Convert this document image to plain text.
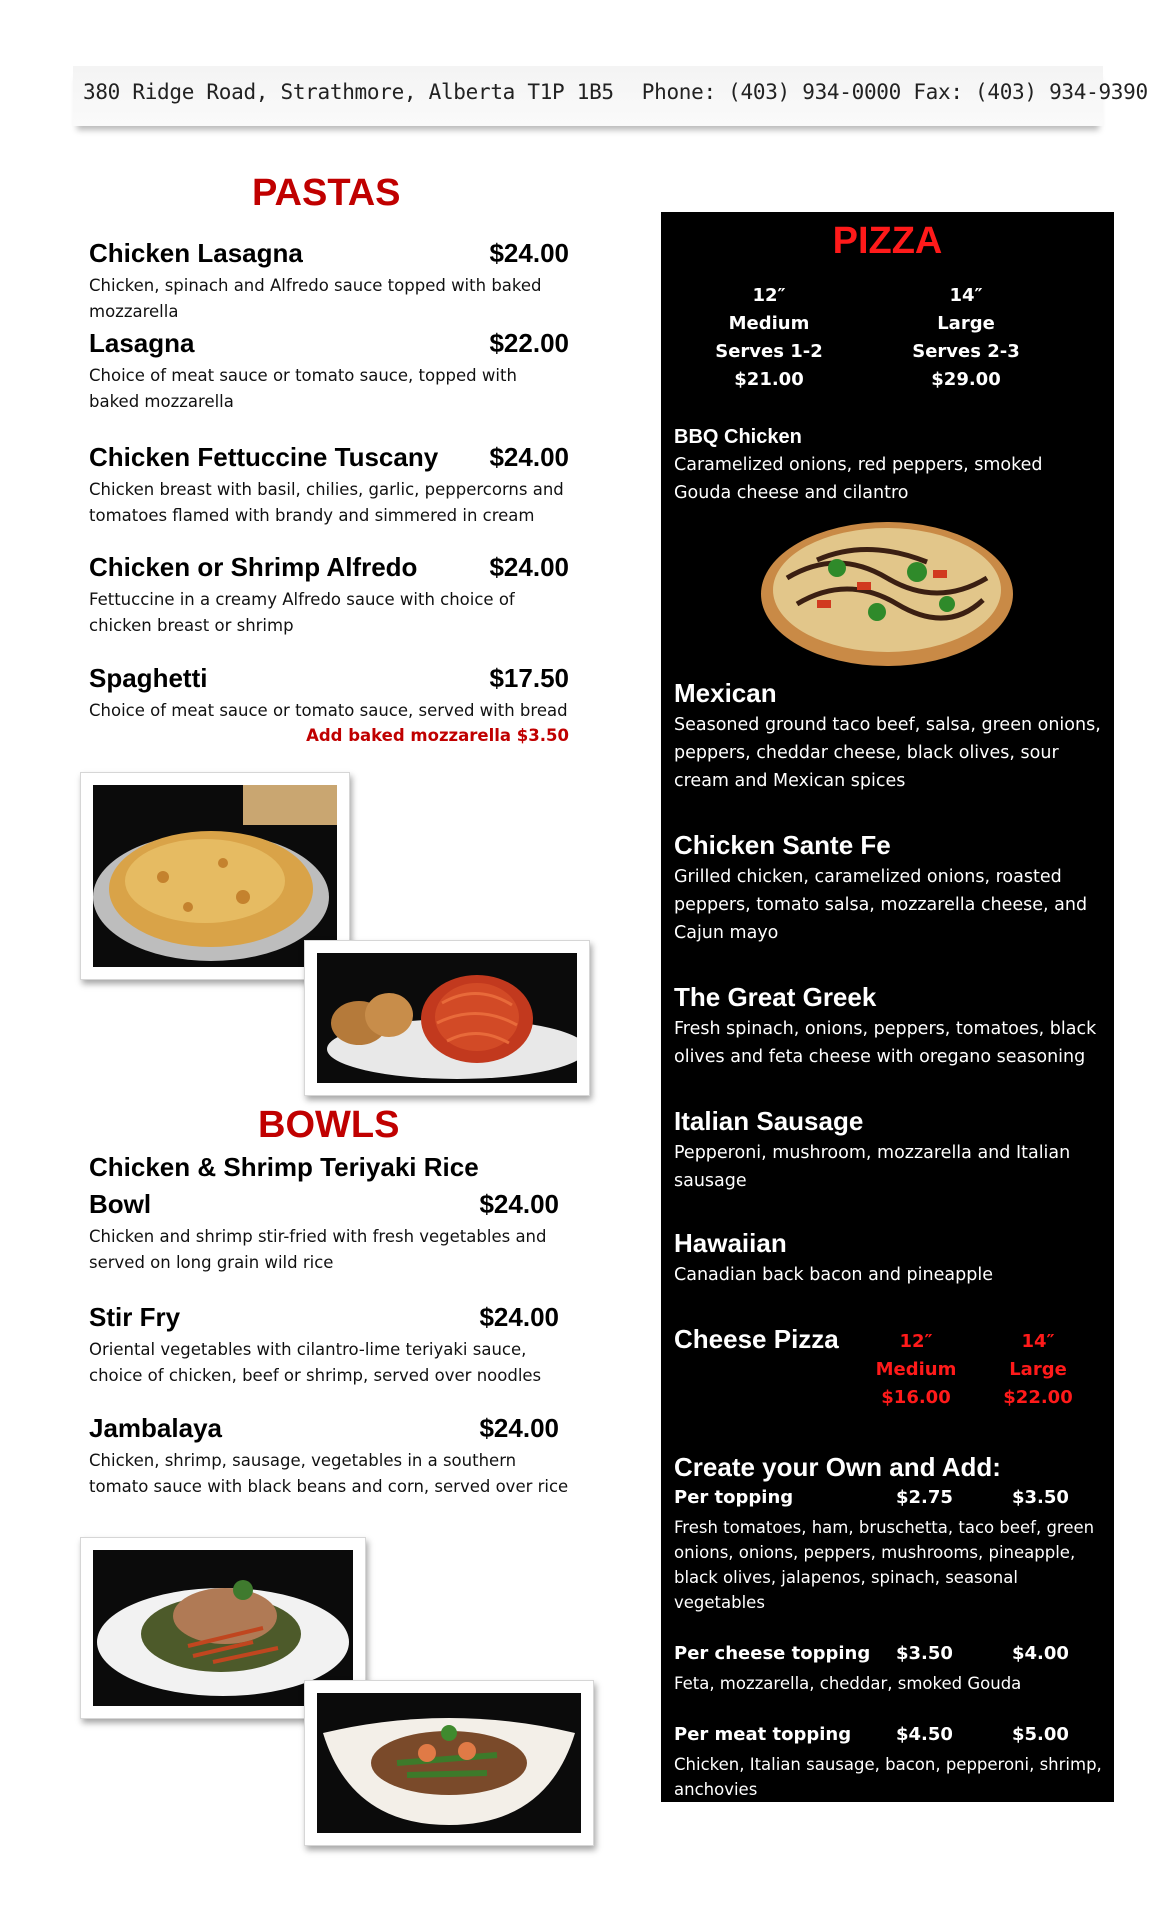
380 Ridge Road, Strathmore, Alberta T1P 1B5 Phone: (403) 934-0000 Fax: (403) 934-9390
PASTAS
Chicken Lasagna	$24.00
Chicken, spinach and Alfredo sauce topped with baked mozzarella
Lasagna	$22.00
Choice of meat sauce or tomato sauce, topped with baked mozzarella
Chicken Fettuccine Tuscany $24.00
Chicken breast with basil, chilies, garlic, peppercorns and tomatoes flamed with brandy and simmered in cream
Chicken or Shrimp Alfredo	$24.00
Fettuccine in a creamy Alfredo sauce with choice of chicken breast or shrimp
Spaghetti	$17.50
Choice of meat sauce or tomato sauce, served with bread
Add baked mozzarella $3.50
BOWLS
Chicken & Shrimp Teriyaki Rice
Bowl	$24.00
Chicken and shrimp stir-fried with fresh vegetables and served on long grain wild rice
Stir Fry	$24.00
Oriental vegetables with cilantro-lime teriyaki sauce, choice of chicken, beef or shrimp, served over noodles
Jambalaya	$24.00
Chicken, shrimp, sausage, vegetables in a southern tomato sauce with black beans and corn, served over rice
PIZZA
12″
Medium
Serves 1-2
$21.00
14″
Large
Serves 2-3
$29.00
BBQ Chicken
Caramelized onions, red peppers, smoked Gouda cheese and cilantro
Mexican
Seasoned ground taco beef, salsa, green onions, peppers, cheddar cheese, black olives, sour cream and Mexican spices
Chicken Sante Fe
Grilled chicken, caramelized onions, roasted peppers, tomato salsa, mozzarella cheese, and Cajun mayo
The Great Greek
Fresh spinach, onions, peppers, tomatoes, black olives and feta cheese with oregano seasoning
Italian Sausage
Pepperoni, mushroom, mozzarella and Italian sausage
Hawaiian
Canadian back bacon and pineapple
Cheese Pizza	12″
Medium
$16.00
14″
Large
$22.00
Create your Own and Add:
Per topping	$2.75	$3.50
Fresh tomatoes, ham, bruschetta, taco beef, green onions, onions, peppers, mushrooms, pineapple, black olives, jalapenos, spinach, seasonal vegetables
Per cheese topping $3.50	$4.00
Feta, mozzarella, cheddar, smoked Gouda
Per meat topping $4.50	$5.00
Chicken, Italian sausage, bacon, pepperoni, shrimp, anchovies
